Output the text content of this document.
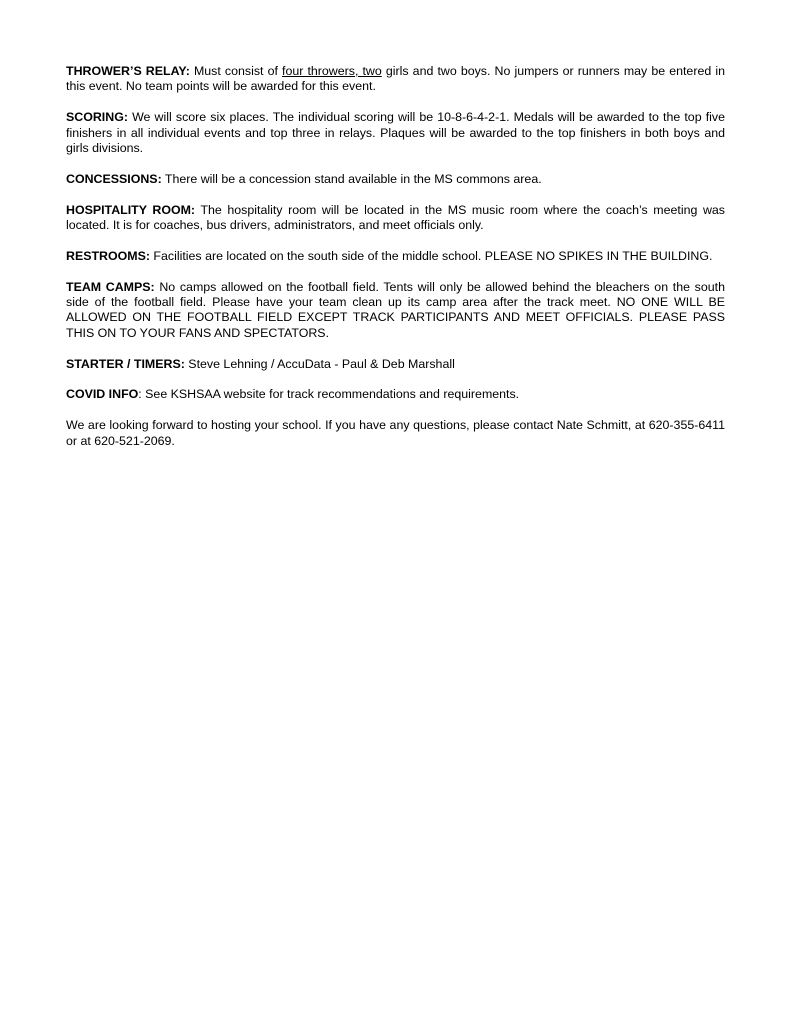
THROWER’S RELAY: Must consist of four throwers, two girls and two boys. No jumpers or runners may be entered in this event. No team points will be awarded for this event.

SCORING: We will score six places. The individual scoring will be 10-8-6-4-2-1. Medals will be awarded to the top five finishers in all individual events and top three in relays. Plaques will be awarded to the top finishers in both boys and girls divisions.

CONCESSIONS: There will be a concession stand available in the MS commons area.

HOSPITALITY ROOM: The hospitality room will be located in the MS music room where the coach’s meeting was located. It is for coaches, bus drivers, administrators, and meet officials only.

RESTROOMS: Facilities are located on the south side of the middle school. PLEASE NO SPIKES IN THE BUILDING.

TEAM CAMPS: No camps allowed on the football field. Tents will only be allowed behind the bleachers on the south side of the football field. Please have your team clean up its camp area after the track meet. NO ONE WILL BE ALLOWED ON THE FOOTBALL FIELD EXCEPT TRACK PARTICIPANTS AND MEET OFFICIALS. PLEASE PASS THIS ON TO YOUR FANS AND SPECTATORS.

STARTER / TIMERS: Steve Lehning / AccuData - Paul & Deb Marshall

COVID INFO: See KSHSAA website for track recommendations and requirements.

We are looking forward to hosting your school. If you have any questions, please contact Nate Schmitt, at 620-355-6411 or at 620-521-2069.
